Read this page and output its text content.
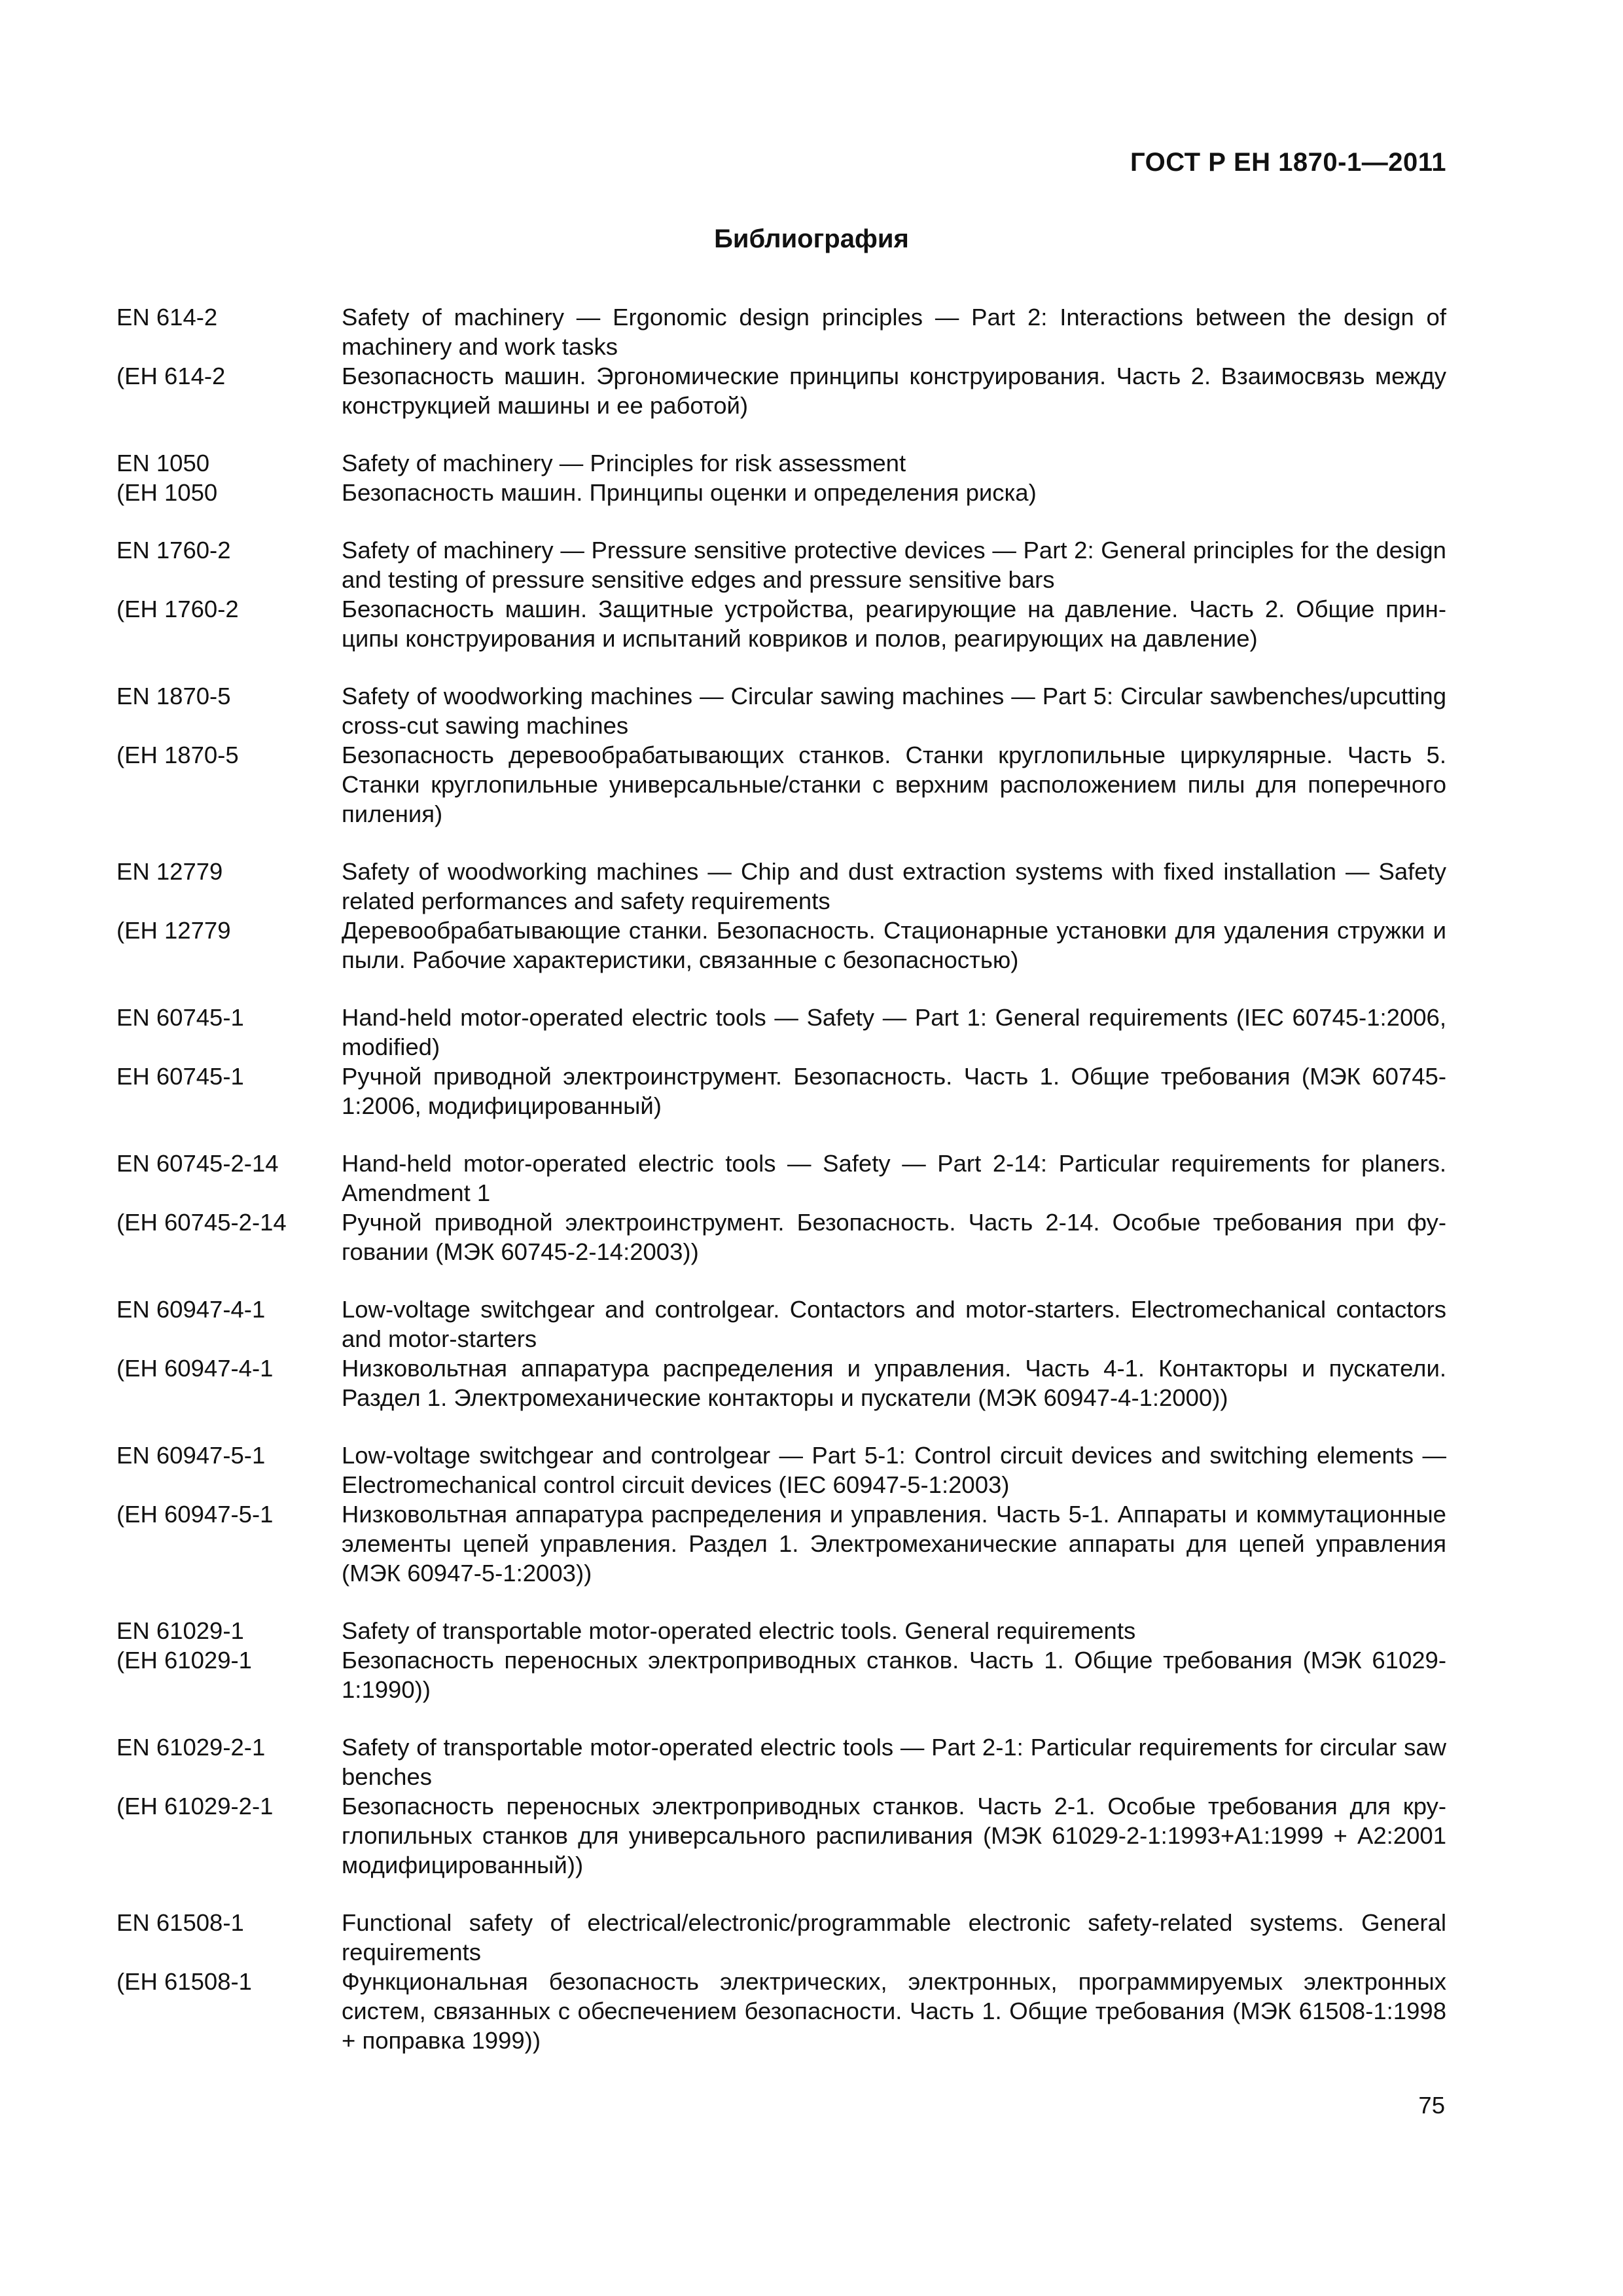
ГОСТ Р ЕН 1870-1—2011
Библиография
EN 614-2	Safety of machinery — Ergonomic design principles — Part 2: Interactions between the design of machinery and work tasks
(ЕН 614-2	Безопасность машин. Эргономические принципы конструирования. Часть 2. Взаимосвязь между конструкцией машины и ее работой)
EN 1050	Safety of machinery — Principles for risk assessment
(ЕН 1050	Безопасность машин. Принципы оценки и определения риска)
EN 1760-2	Safety of machinery — Pressure sensitive protective devices — Part 2: General principles for the design and testing of pressure sensitive edges and pressure sensitive bars
(ЕН 1760-2	Безопасность машин. Защитные устройства, реагирующие на давление. Часть 2. Общие принципы конструирования и испытаний ковриков и полов, реагирующих на давление)
EN 1870-5	Safety of woodworking machines — Circular sawing machines — Part 5: Circular sawbenches/upcutting cross-cut sawing machines
(ЕН 1870-5	Безопасность деревообрабатывающих станков. Станки круглопильные циркулярные. Часть 5. Станки круглопильные универсальные/станки с верхним расположением пилы для поперечного пиления)
EN 12779	Safety of woodworking machines — Chip and dust extraction systems with fixed installation — Safety related performances and safety requirements
(ЕН 12779	Деревообрабатывающие станки. Безопасность. Стационарные установки для удаления стружки и пыли. Рабочие характеристики, связанные с безопасностью)
EN 60745-1	Hand-held motor-operated electric tools — Safety — Part 1: General requirements (IEC 60745-1:2006, modified)
ЕН 60745-1	Ручной приводной электроинструмент. Безопасность. Часть 1. Общие требования (МЭК 60745-1:2006, модифицированный)
EN 60745-2-14	Hand-held motor-operated electric tools — Safety — Part 2-14: Particular requirements for planers. Amendment 1
(ЕН 60745-2-14	Ручной приводной электроинструмент. Безопасность. Часть 2-14. Особые требования при фуговании (МЭК 60745-2-14:2003))
EN 60947-4-1	Low-voltage switchgear and controlgear. Contactors and motor-starters. Electromechanical contactors and motor-starters
(ЕН 60947-4-1	Низковольтная аппаратура распределения и управления. Часть 4-1. Контакторы и пускатели. Раздел 1. Электромеханические контакторы и пускатели (МЭК 60947-4-1:2000))
EN 60947-5-1	Low-voltage switchgear and controlgear — Part 5-1: Control circuit devices and switching elements — Electromechanical control circuit devices (IEC 60947-5-1:2003)
(ЕН 60947-5-1	Низковольтная аппаратура распределения и управления. Часть 5-1. Аппараты и коммутационные элементы цепей управления. Раздел 1. Электромеханические аппараты для цепей управления (МЭК 60947-5-1:2003))
EN 61029-1	Safety of transportable motor-operated electric tools. General requirements
(ЕН 61029-1	Безопасность переносных электроприводных станков. Часть 1. Общие требования (МЭК 61029-1:1990))
EN 61029-2-1	Safety of transportable motor-operated electric tools — Part 2-1: Particular requirements for circular saw benches
(ЕН 61029-2-1	Безопасность переносных электроприводных станков. Часть 2-1. Особые требования для круглопильных станков для универсального распиливания (МЭК 61029-2-1:1993+А1:1999 + А2:2001 модифицированный))
EN 61508-1	Functional safety of electrical/electronic/programmable electronic safety-related systems. General requirements
(ЕН 61508-1	Функциональная безопасность электрических, электронных, программируемых электронных систем, связанных с обеспечением безопасности. Часть 1. Общие требования (МЭК 61508-1:1998 + поправка 1999))
75
